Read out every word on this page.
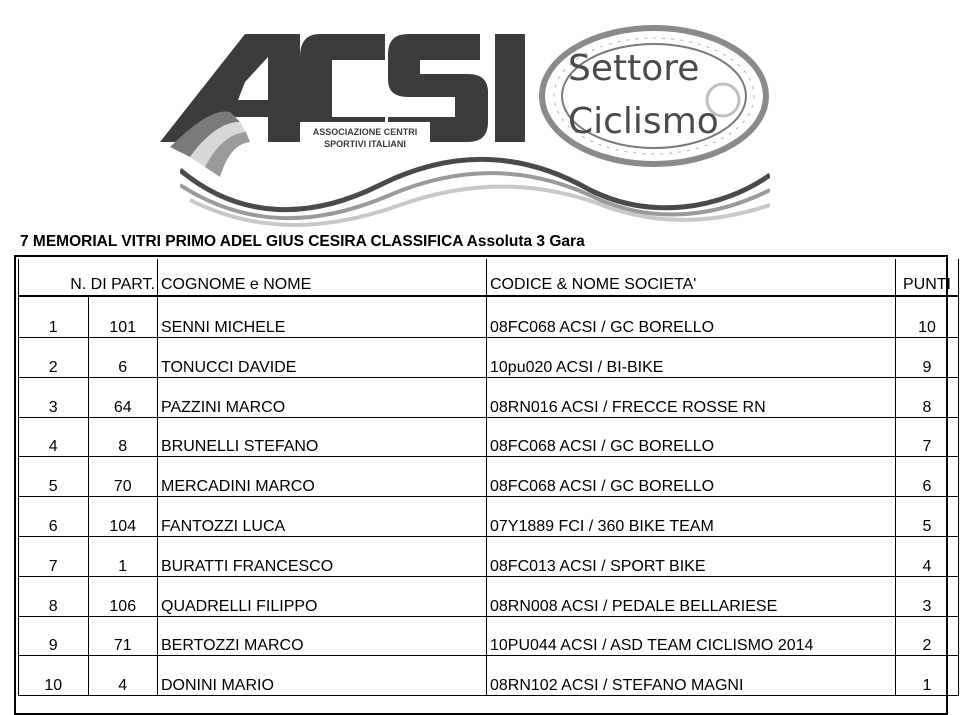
ASSOCIAZIONE CENTRI
SPORTIVI ITALIANI
Settore
Ciclismo
7 MEMORIAL VITRI PRIMO ADEL GIUS CESIRA CLASSIFICA Assoluta 3 Gara
N. DI PART.		COGNOME e NOME	CODICE & NOME SOCIETA'	PUNTI
1	101	SENNI MICHELE	08FC068 ACSI / GC BORELLO	10
2	6	TONUCCI DAVIDE	10pu020 ACSI / BI-BIKE	9
3	64	PAZZINI MARCO	08RN016 ACSI / FRECCE ROSSE RN	8
4	8	BRUNELLI STEFANO	08FC068 ACSI / GC BORELLO	7
5	70	MERCADINI MARCO	08FC068 ACSI / GC BORELLO	6
6	104	FANTOZZI LUCA	07Y1889 FCI / 360 BIKE TEAM	5
7	1	BURATTI FRANCESCO	08FC013 ACSI / SPORT BIKE	4
8	106	QUADRELLI FILIPPO	08RN008 ACSI / PEDALE BELLARIESE	3
9	71	BERTOZZI MARCO	10PU044 ACSI / ASD TEAM CICLISMO 2014	2
10	4	DONINI MARIO	08RN102 ACSI / STEFANO MAGNI	1
